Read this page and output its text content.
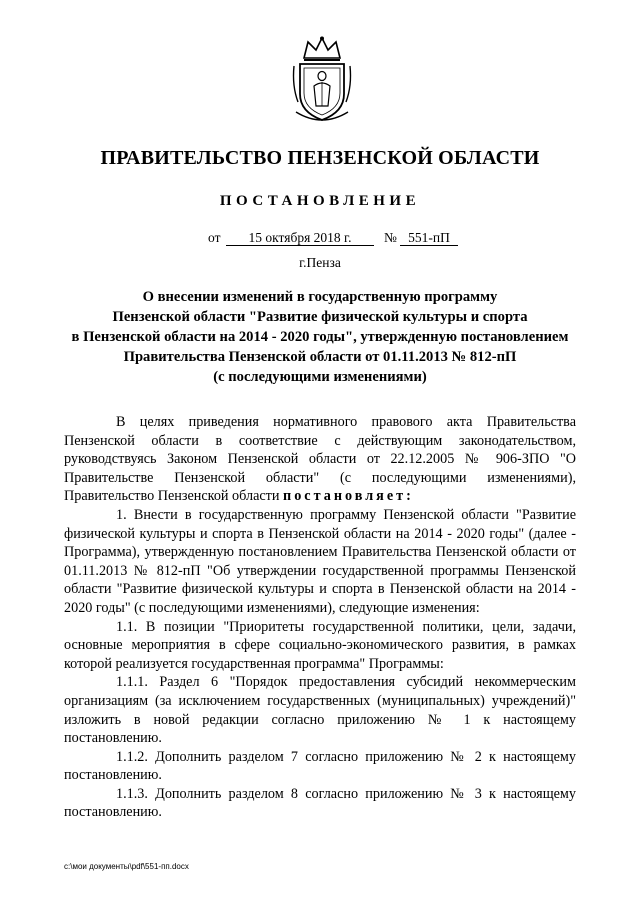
ПРАВИТЕЛЬСТВО ПЕНЗЕНСКОЙ ОБЛАСТИ
ПОСТАНОВЛЕНИЕ
от	15 октября 2018 г.	№ 551-пП
г.Пенза
О внесении изменений в государственную программу
Пензенской области "Развитие физической культуры и спорта
в Пензенской области на 2014 - 2020 годы", утвержденную постановлением
Правительства Пензенской области от 01.11.2013 № 812-пП
(с последующими изменениями)

В целях приведения нормативного правового акта Правительства Пензенской области в соответствие с действующим законодательством, руководствуясь Законом Пензенской области от 22.12.2005 № 906-ЗПО "О Правительстве Пензенской области" (с последующими изменениями), Правительство Пензенской области постановляет:

1. Внести в государственную программу Пензенской области "Развитие физической культуры и спорта в Пензенской области на 2014 - 2020 годы" (далее - Программа), утвержденную постановлением Правительства Пензенской области от 01.11.2013 № 812-пП "Об утверждении государственной программы Пензенской области "Развитие физической культуры и спорта в Пензенской области на 2014 - 2020 годы" (с последующими изменениями), следующие изменения:

1.1. В позиции "Приоритеты государственной политики, цели, задачи, основные мероприятия в сфере социально-экономического развития, в рамках которой реализуется государственная программа" Программы:

1.1.1. Раздел 6 "Порядок предоставления субсидий некоммерческим организациям (за исключением государственных (муниципальных) учреждений)" изложить в новой редакции согласно приложению № 1 к настоящему постановлению.

1.1.2. Дополнить разделом 7 согласно приложению № 2 к настоящему постановлению.

1.1.3. Дополнить разделом 8 согласно приложению № 3 к настоящему постановлению.

c:\мои документы\pdf\551-пп.docx
